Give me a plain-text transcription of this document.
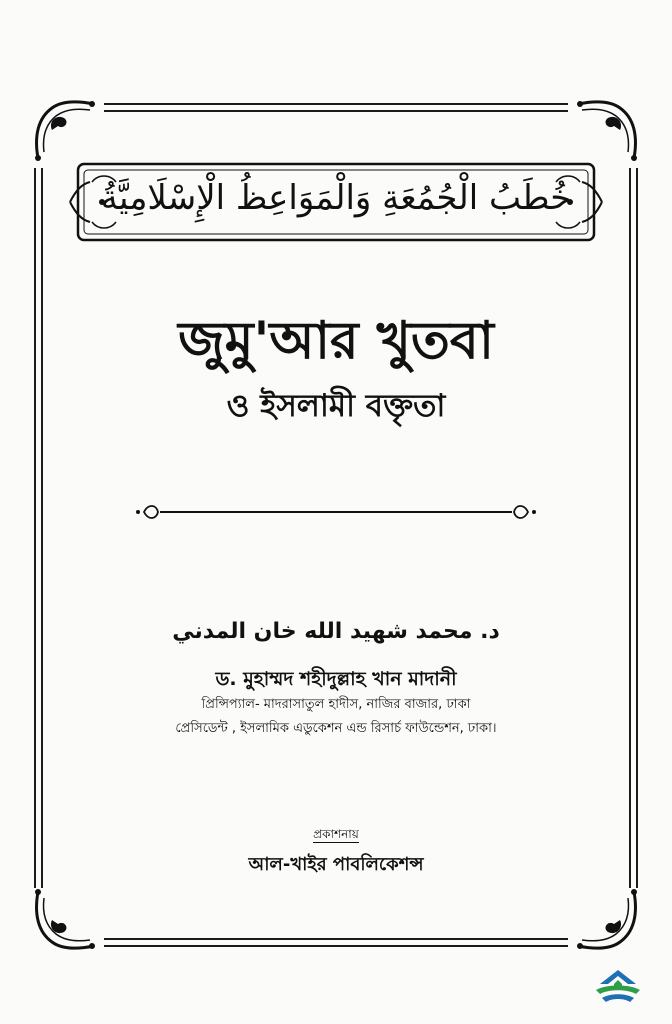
خُطَبُ الْجُمُعَةِ وَالْمَوَاعِظُ الْإِسْلَامِيَّةُ
জুমু'আর খুতবা
ও ইসলামী বক্তৃতা
د. محمد شهيد الله خان المدني
ড. মুহাম্মদ শহীদুল্লাহ খান মাদানী
প্রিন্সিপ্যাল- মাদরাসাতুল হাদীস, নাজির বাজার, ঢাকা
প্রেসিডেন্ট , ইসলামিক এডুকেশন এন্ড রিসার্চ ফাউন্ডেশন, ঢাকা।
প্রকাশনায়
আল-খাইর পাবলিকেশন্স
